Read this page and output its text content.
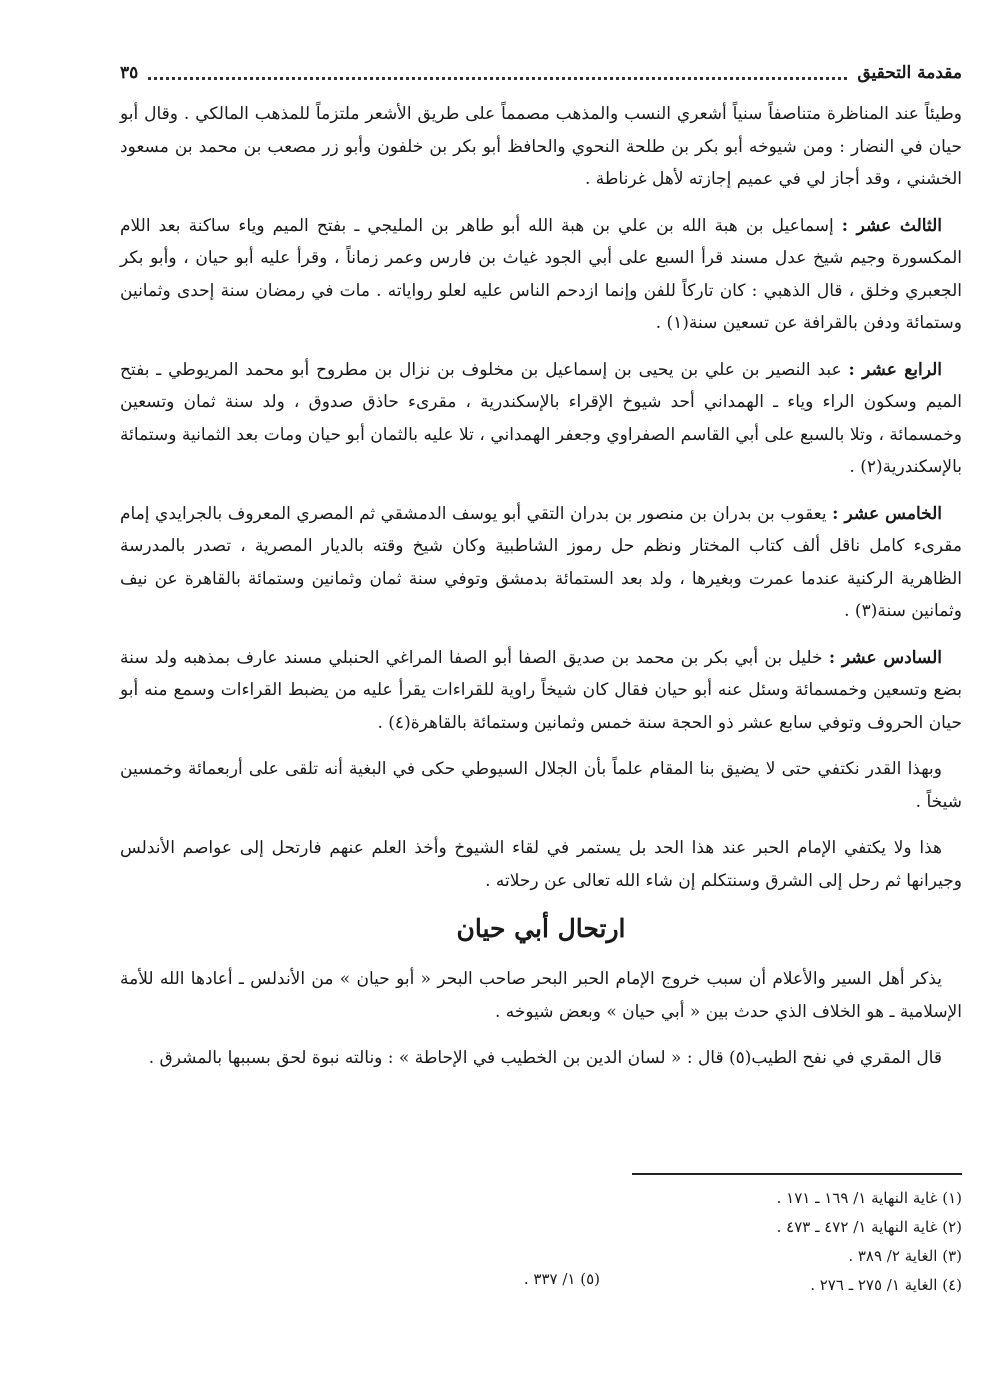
مقدمة التحقيق
٣٥

وطيئاً عند المناظرة متناصفاً سنياً أشعري النسب والمذهب مصمماً على طريق الأشعر ملتزماً للمذهب المالكي . وقال أبو حيان في النضار : ومن شيوخه أبو بكر بن طلحة النحوي والحافظ أبو بكر بن خلفون وأبو زر مصعب بن محمد بن مسعود الخشني ، وقد أجاز لي في عميم إجازته لأهل غرناطة .

الثالث عشر : إسماعيل بن هبة الله بن علي بن هبة الله أبو طاهر بن المليجي ـ بفتح الميم وياء ساكنة بعد اللام المكسورة وجيم شيخ عدل مسند قرأ السبع على أبي الجود غياث بن فارس وعمر زماناً ، وقرأ عليه أبو حيان ، وأبو بكر الجعبري وخلق ، قال الذهبي : كان تاركاً للفن وإنما ازدحم الناس عليه لعلو رواياته . مات في رمضان سنة إحدى وثمانين وستمائة ودفن بالقرافة عن تسعين سنة(١) .

الرابع عشر : عبد النصير بن علي بن يحيى بن إسماعيل بن مخلوف بن نزال بن مطروح أبو محمد المريوطي ـ بفتح الميم وسكون الراء وياء ـ الهمداني أحد شيوخ الإقراء بالإسكندرية ، مقرىء حاذق صدوق ، ولد سنة ثمان وتسعين وخمسمائة ، وتلا بالسبع على أبي القاسم الصفراوي وجعفر الهمداني ، تلا عليه بالثمان أبو حيان ومات بعد الثمانية وستمائة بالإسكندرية(٢) .

الخامس عشر : يعقوب بن بدران بن منصور بن بدران التقي أبو يوسف الدمشقي ثم المصري المعروف بالجرايدي إمام مقرىء كامل ناقل ألف كتاب المختار ونظم حل رموز الشاطبية وكان شيخ وقته بالديار المصرية ، تصدر بالمدرسة الظاهرية الركنية عندما عمرت وبغيرها ، ولد بعد الستمائة بدمشق وتوفي سنة ثمان وثمانين وستمائة بالقاهرة عن نيف وثمانين سنة(٣) .

السادس عشر : خليل بن أبي بكر بن محمد بن صديق الصفا أبو الصفا المراغي الحنبلي مسند عارف بمذهبه ولد سنة بضع وتسعين وخمسمائة وسئل عنه أبو حيان فقال كان شيخاً راوية للقراءات يقرأ عليه من يضبط القراءات وسمع منه أبو حيان الحروف وتوفي سابع عشر ذو الحجة سنة خمس وثمانين وستمائة بالقاهرة(٤) .

وبهذا القدر نكتفي حتى لا يضيق بنا المقام علماً بأن الجلال السيوطي حكى في البغية أنه تلقى على أربعمائة وخمسين شيخاً .

هذا ولا يكتفي الإمام الحبر عند هذا الحد بل يستمر في لقاء الشيوخ وأخذ العلم عنهم فارتحل إلى عواصم الأندلس وجيرانها ثم رحل إلى الشرق وسنتكلم إن شاء الله تعالى عن رحلاته .

ارتحال أبي حيان

يذكر أهل السير والأعلام أن سبب خروج الإمام الحبر البحر صاحب البحر « أبو حيان » من الأندلس ـ أعادها الله للأمة الإسلامية ـ هو الخلاف الذي حدث بين « أبي حيان » وبعض شيوخه .

قال المقري في نفح الطيب(٥) قال : « لسان الدين بن الخطيب في الإحاطة » : ونالته نبوة لحق بسببها بالمشرق .

(١) غاية النهاية ١/ ١٦٩ ـ ١٧١ .
(٢) غاية النهاية ١/ ٤٧٢ ـ ٤٧٣ .
(٣) الغاية ٢/ ٣٨٩ .
(٤) الغاية ١/ ٢٧٥ ـ ٢٧٦ .
(٥) ١/ ٣٣٧ .
